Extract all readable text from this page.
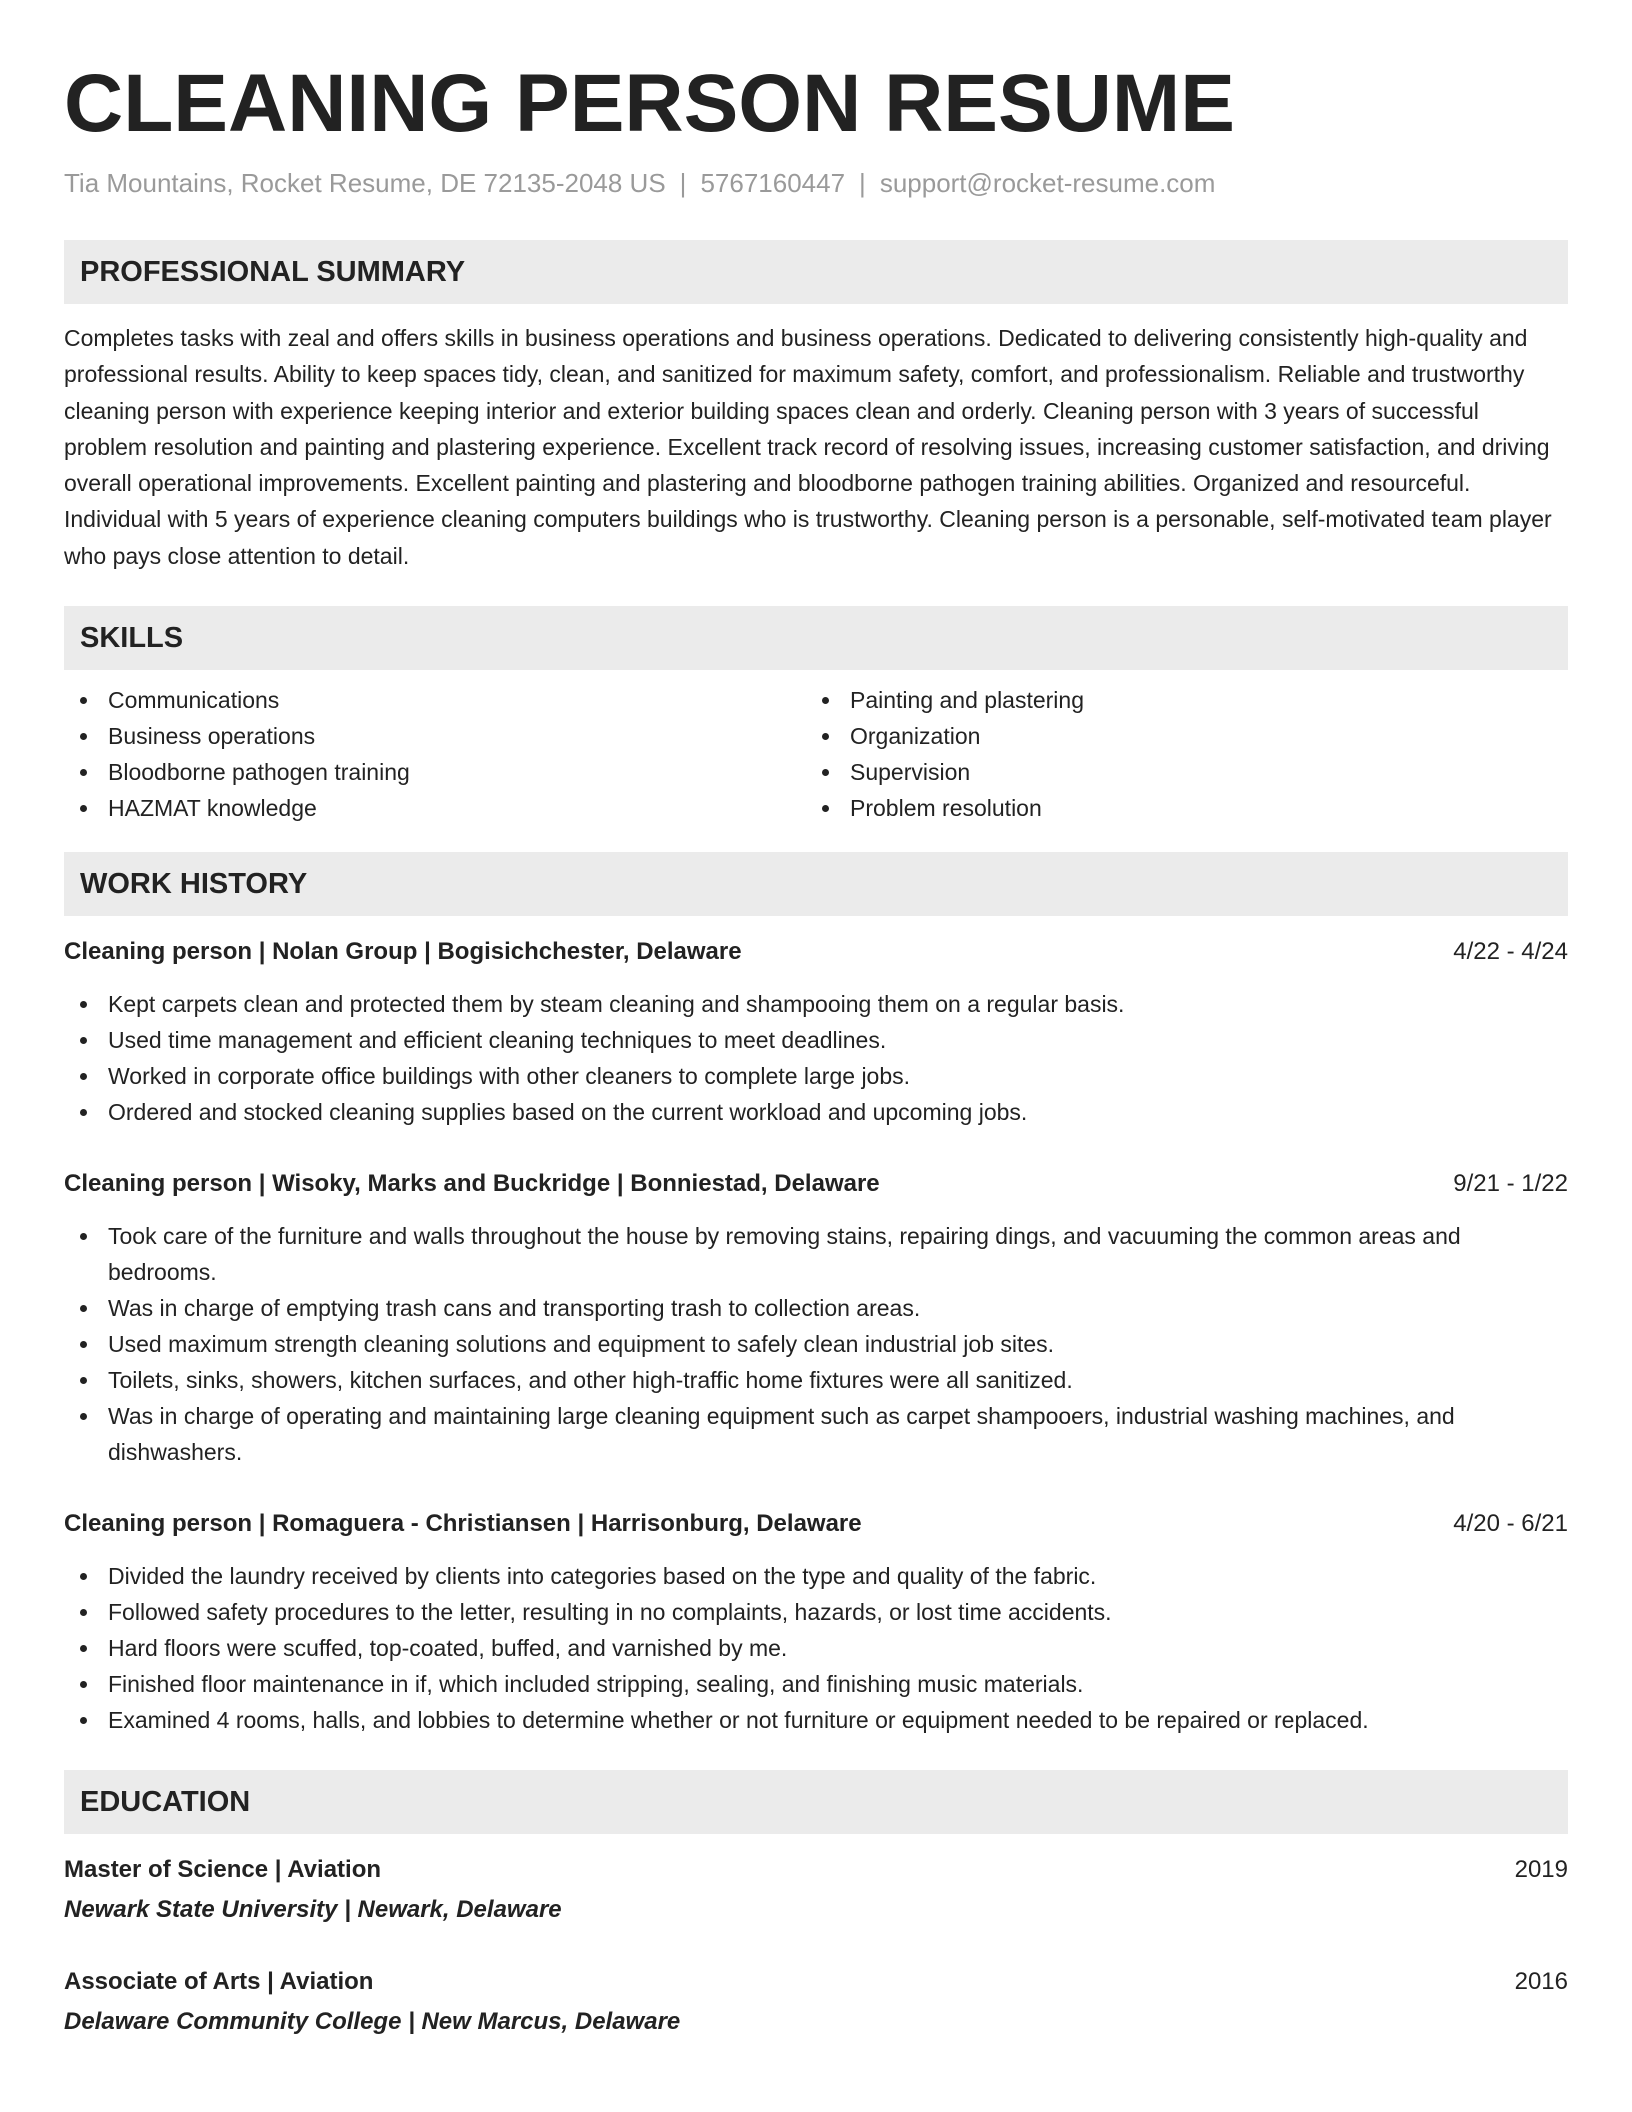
CLEANING PERSON RESUME
Tia Mountains, Rocket Resume, DE 72135-2048 US | 5767160447 | support@rocket-resume.com
PROFESSIONAL SUMMARY
Completes tasks with zeal and offers skills in business operations and business operations. Dedicated to delivering consistently high-quality and professional results. Ability to keep spaces tidy, clean, and sanitized for maximum safety, comfort, and professionalism. Reliable and trustworthy cleaning person with experience keeping interior and exterior building spaces clean and orderly. Cleaning person with 3 years of successful problem resolution and painting and plastering experience. Excellent track record of resolving issues, increasing customer satisfaction, and driving overall operational improvements. Excellent painting and plastering and bloodborne pathogen training abilities. Organized and resourceful. Individual with 5 years of experience cleaning computers buildings who is trustworthy. Cleaning person is a personable, self-motivated team player who pays close attention to detail.
SKILLS
Communications
Business operations
Bloodborne pathogen training
HAZMAT knowledge
Painting and plastering
Organization
Supervision
Problem resolution
WORK HISTORY
Cleaning person | Nolan Group | Bogisichchester, Delaware	4/22 - 4/24
Kept carpets clean and protected them by steam cleaning and shampooing them on a regular basis.
Used time management and efficient cleaning techniques to meet deadlines.
Worked in corporate office buildings with other cleaners to complete large jobs.
Ordered and stocked cleaning supplies based on the current workload and upcoming jobs.
Cleaning person | Wisoky, Marks and Buckridge | Bonniestad, Delaware	9/21 - 1/22
Took care of the furniture and walls throughout the house by removing stains, repairing dings, and vacuuming the common areas and bedrooms.
Was in charge of emptying trash cans and transporting trash to collection areas.
Used maximum strength cleaning solutions and equipment to safely clean industrial job sites.
Toilets, sinks, showers, kitchen surfaces, and other high-traffic home fixtures were all sanitized.
Was in charge of operating and maintaining large cleaning equipment such as carpet shampooers, industrial washing machines, and dishwashers.
Cleaning person | Romaguera - Christiansen | Harrisonburg, Delaware	4/20 - 6/21
Divided the laundry received by clients into categories based on the type and quality of the fabric.
Followed safety procedures to the letter, resulting in no complaints, hazards, or lost time accidents.
Hard floors were scuffed, top-coated, buffed, and varnished by me.
Finished floor maintenance in if, which included stripping, sealing, and finishing music materials.
Examined 4 rooms, halls, and lobbies to determine whether or not furniture or equipment needed to be repaired or replaced.
EDUCATION
Master of Science | Aviation	2019
Newark State University | Newark, Delaware
Associate of Arts | Aviation	2016
Delaware Community College | New Marcus, Delaware
